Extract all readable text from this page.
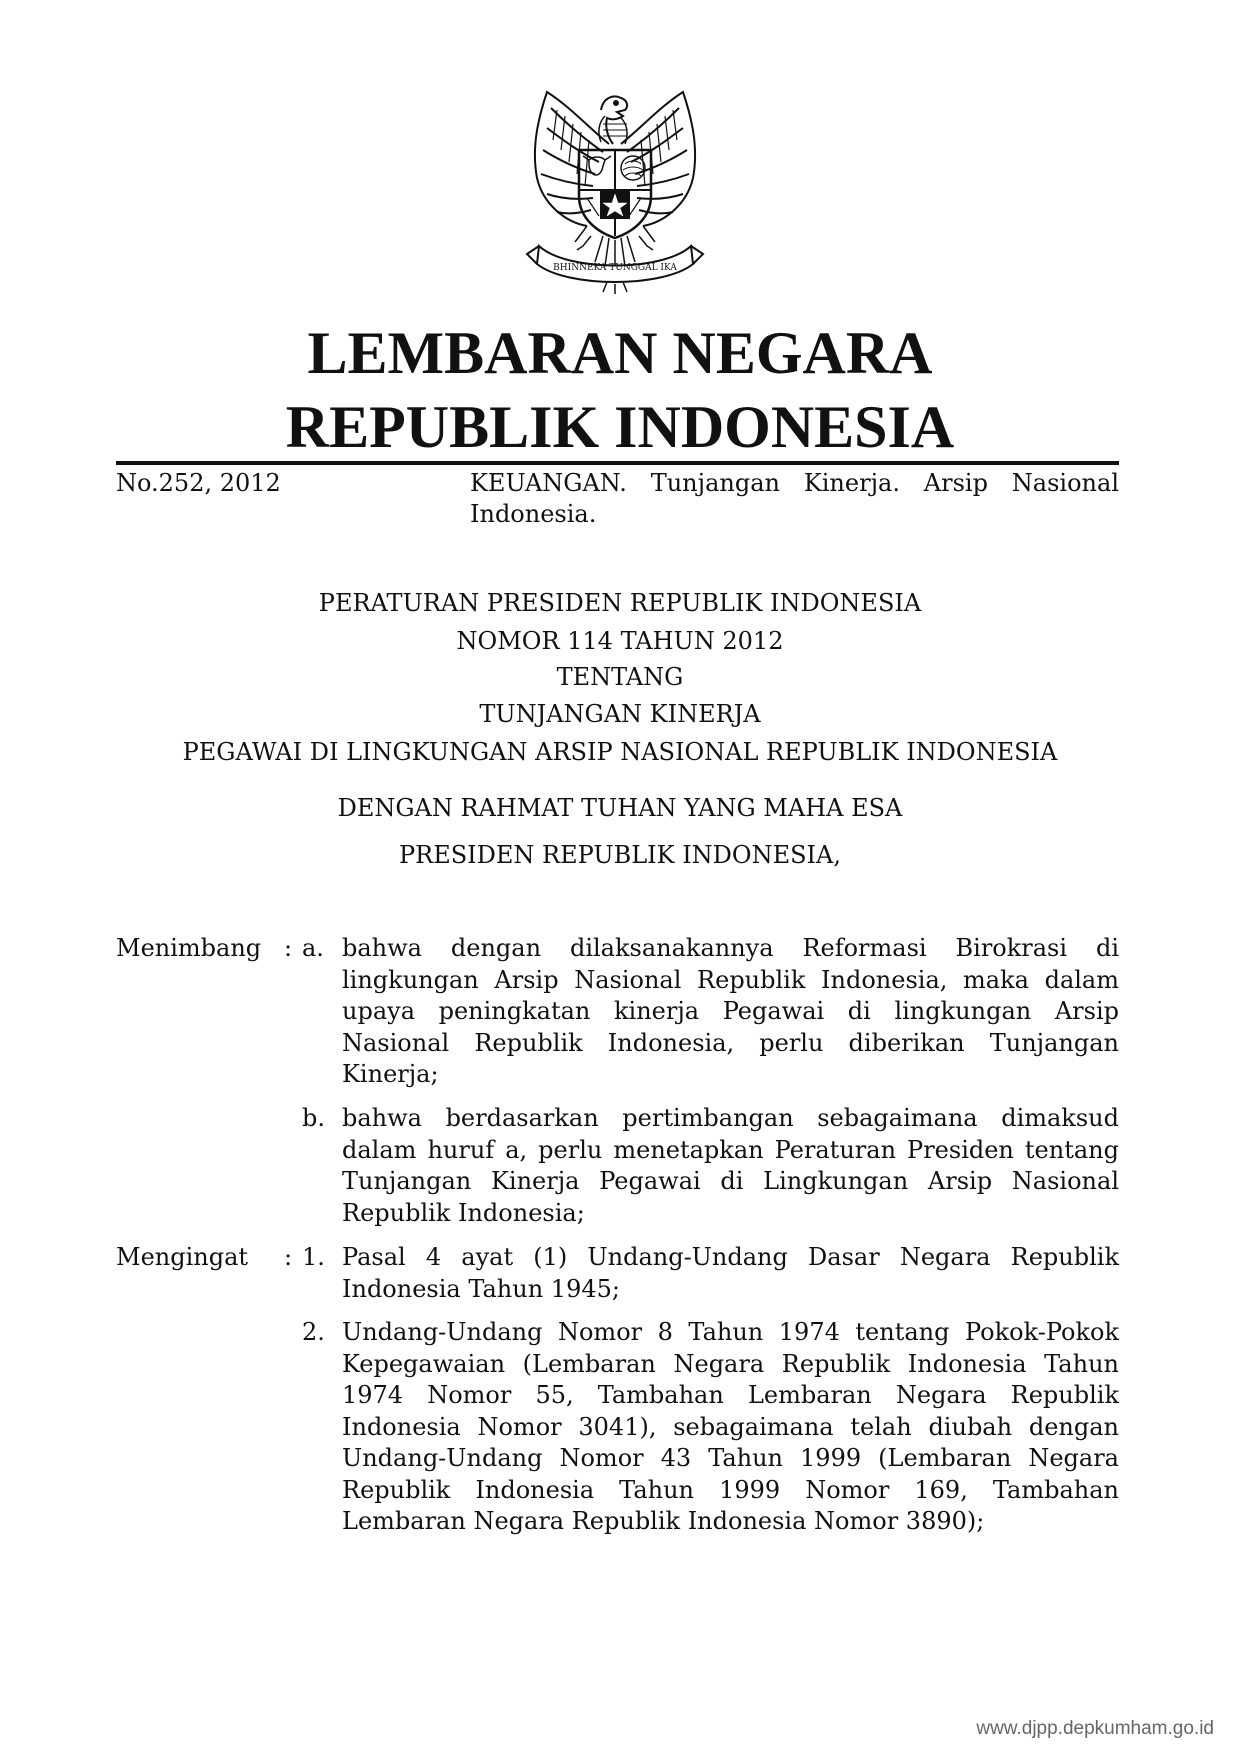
BHINNEKA TUNGGAL IKA
LEMBARAN NEGARA
REPUBLIK INDONESIA
No.252, 2012	KEUANGAN. Tunjangan Kinerja. Arsip Nasional Indonesia.
PERATURAN PRESIDEN REPUBLIK INDONESIA
NOMOR 114 TAHUN 2012
TENTANG
TUNJANGAN KINERJA
PEGAWAI DI LINGKUNGAN ARSIP NASIONAL REPUBLIK INDONESIA
DENGAN RAHMAT TUHAN YANG MAHA ESA
PRESIDEN REPUBLIK INDONESIA,
Menimbang : a. bahwa dengan dilaksanakannya Reformasi Birokrasi di lingkungan Arsip Nasional Republik Indonesia, maka dalam upaya peningkatan kinerja Pegawai di lingkungan Arsip Nasional Republik Indonesia, perlu diberikan Tunjangan Kinerja;
b. bahwa berdasarkan pertimbangan sebagaimana dimaksud dalam huruf a, perlu menetapkan Peraturan Presiden tentang Tunjangan Kinerja Pegawai di Lingkungan Arsip Nasional Republik Indonesia;
Mengingat : 1. Pasal 4 ayat (1) Undang-Undang Dasar Negara Republik Indonesia Tahun 1945;
2. Undang-Undang Nomor 8 Tahun 1974 tentang Pokok-Pokok Kepegawaian (Lembaran Negara Republik Indonesia Tahun 1974 Nomor 55, Tambahan Lembaran Negara Republik Indonesia Nomor 3041), sebagaimana telah diubah dengan Undang-Undang Nomor 43 Tahun 1999 (Lembaran Negara Republik Indonesia Tahun 1999 Nomor 169, Tambahan Lembaran Negara Republik Indonesia Nomor 3890);
www.djpp.depkumham.go.id
